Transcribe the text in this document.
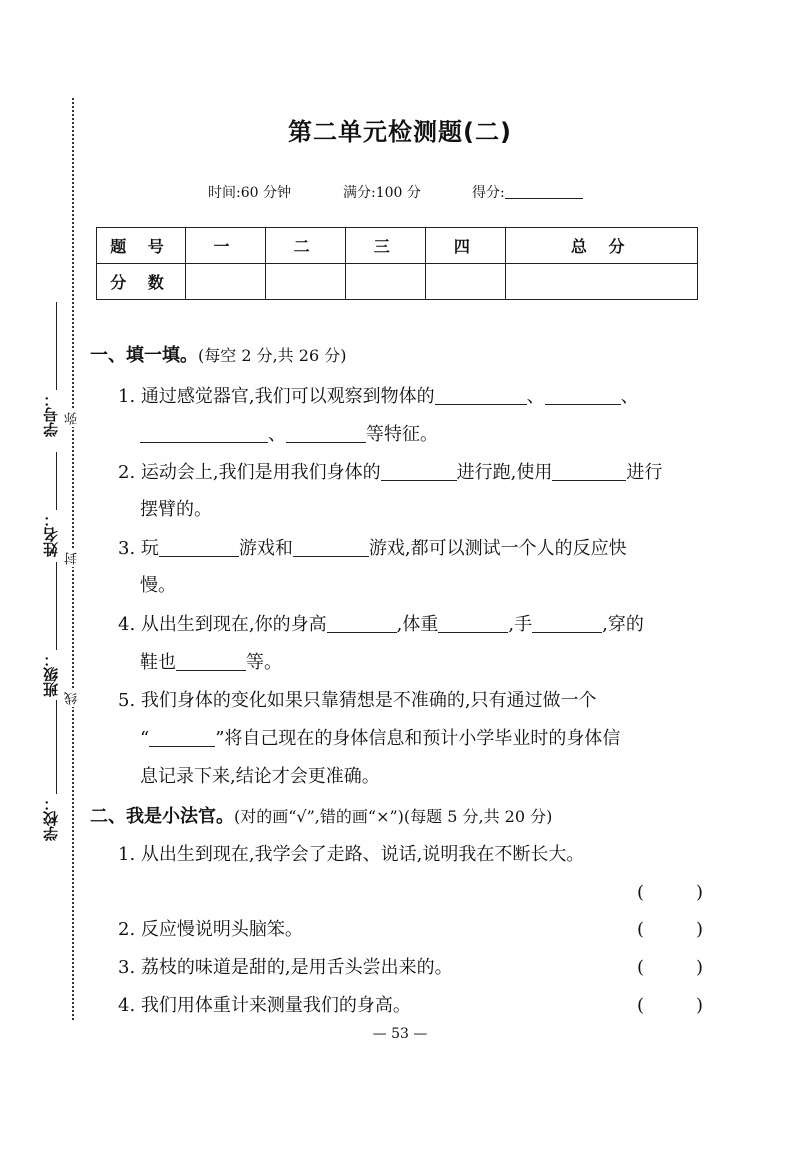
学号：
姓名：
班级：
学校：
弥
封
线
第二单元检测题(二)
时间:60 分钟	满分:100 分	得分:
题 号	一	二	三	四	总 分
分 数					
一、填一填。(每空 2 分,共 26 分)
1. 通过感觉器官,我们可以观察到物体的	、	、
、	等特征。
2. 运动会上,我们是用我们身体的	进行跑,使用	进行
摆臂的。
3. 玩	游戏和	游戏,都可以测试一个人的反应快
慢。
4. 从出生到现在,你的身高	,体重	,手	,穿的
鞋也	等。
5. 我们身体的变化如果只靠猜想是不准确的,只有通过做一个
“	”将自己现在的身体信息和预计小学毕业时的身体信
息记录下来,结论才会更准确。
二、我是小法官。(对的画“√”,错的画“×”)(每题 5 分,共 20 分)
1. 从出生到现在,我学会了走路、说话,说明我在不断长大。
(	)
2. 反应慢说明头脑笨。	(	)
3. 荔枝的味道是甜的,是用舌头尝出来的。	(	)
4. 我们用体重计来测量我们的身高。	(	)
— 53 —
